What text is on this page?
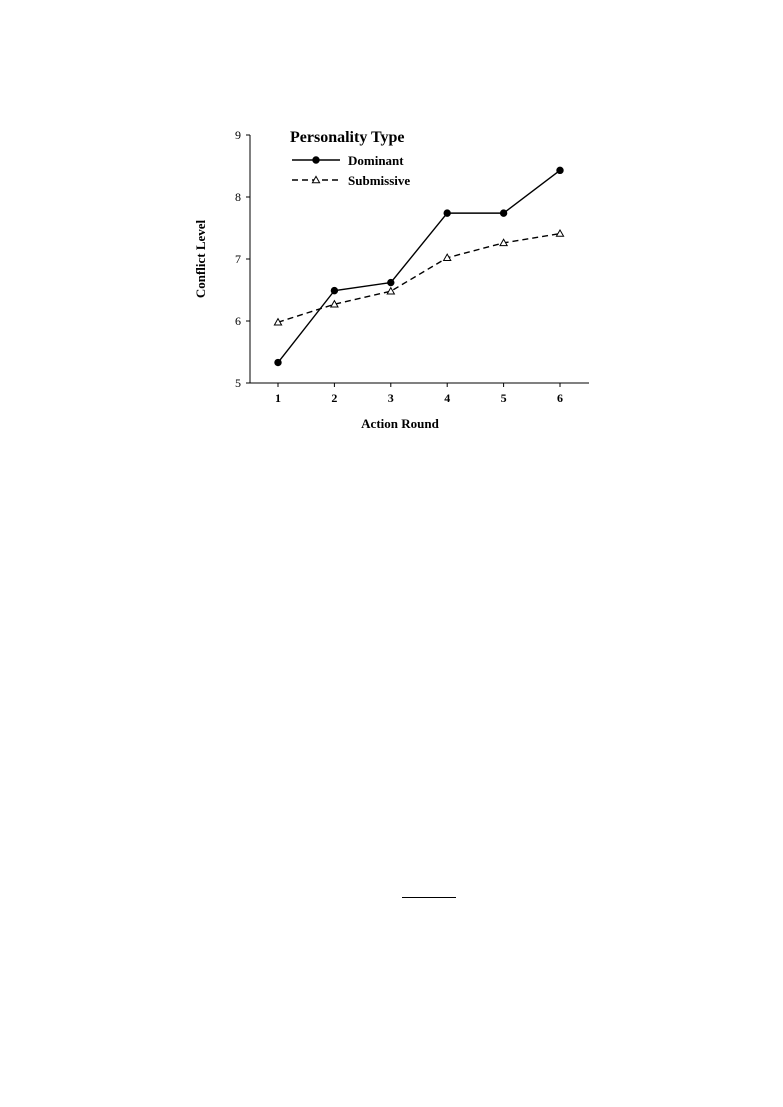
5
6
7
8
9
1	2	3	4	5	6
Conflict Level
Action Round
Personality Type
Dominant
Submissive
